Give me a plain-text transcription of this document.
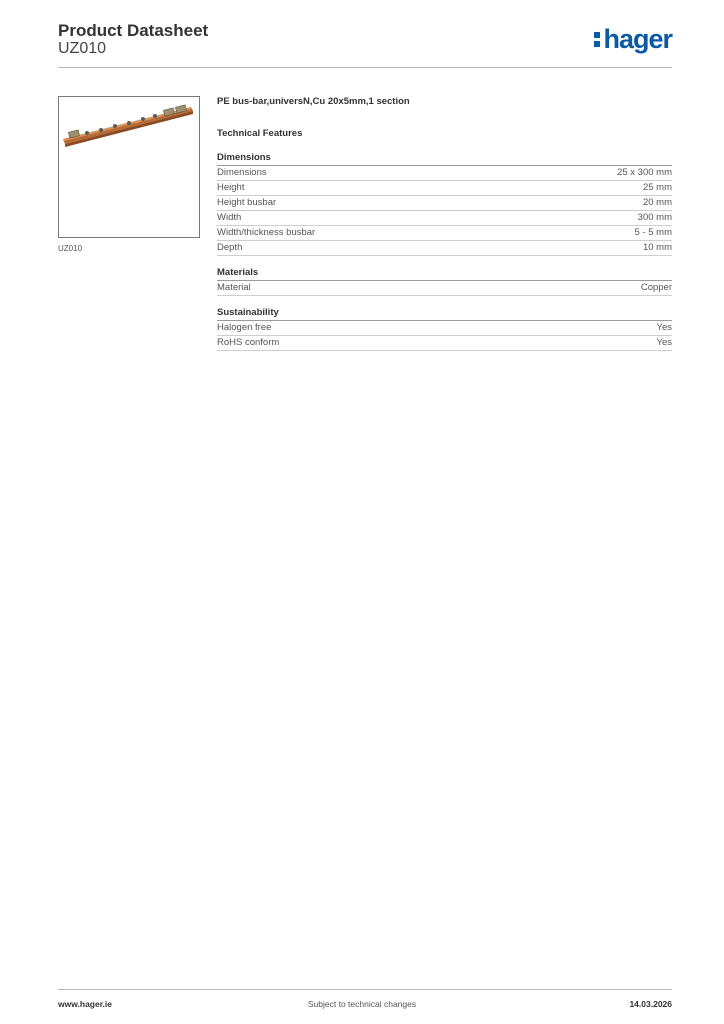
Product Datasheet
UZ010	hager
UZ010

PE bus-bar,universN,Cu 20x5mm,1 section

Technical Features

Dimensions
Dimensions	25 x 300 mm
Height	25 mm
Height busbar	20 mm
Width	300 mm
Width/thickness busbar	5 - 5 mm
Depth	10 mm
Materials
Material	Copper
Sustainability
Halogen free	Yes
RoHS conform	Yes
www.hager.ie	Subject to technical changes	14.03.2026
